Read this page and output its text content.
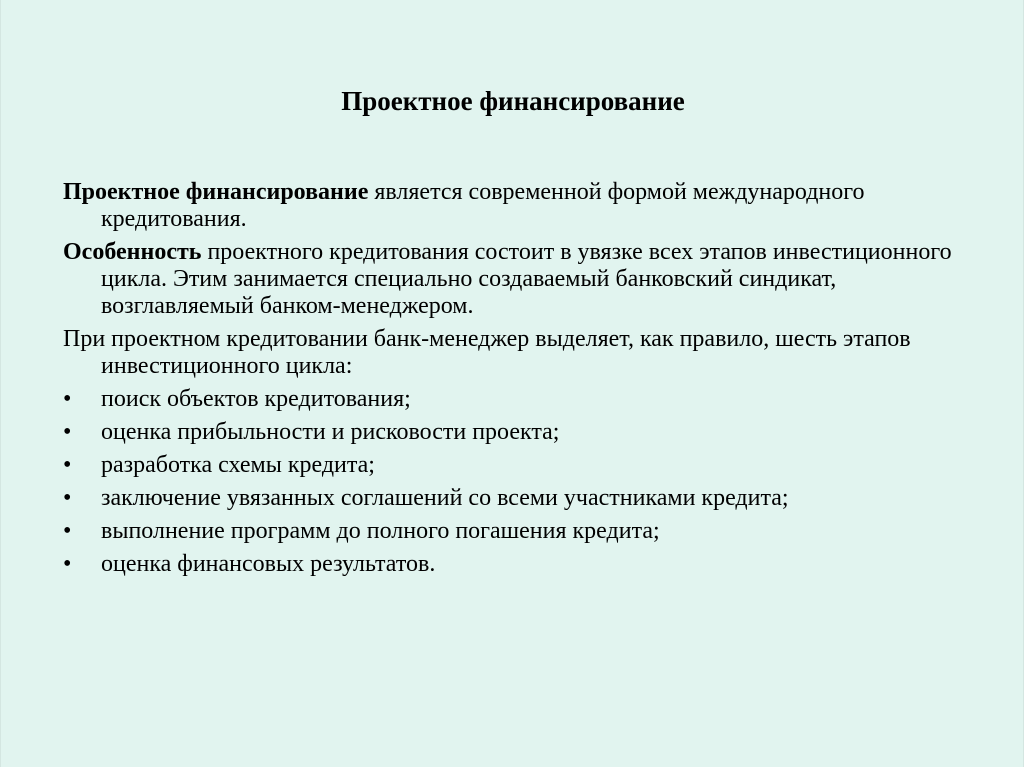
Проектное финансирование

Проектное финансирование является современной формой международного кредитования.

Особенность проектного кредитования состоит в увязке всех этапов инвестиционного цикла. Этим занимается специально создаваемый банковский синдикат, возглавляемый банком-менеджером.

При проектном кредитовании банк-менеджер выделяет, как правило, шесть этапов инвестиционного цикла:

•	поиск объектов кредитования;
•	оценка прибыльности и рисковости проекта;
•	разработка схемы кредита;
•	заключение увязанных соглашений со всеми участниками кредита;
•	выполнение программ до полного погашения кредита;
•	оценка финансовых результатов.
